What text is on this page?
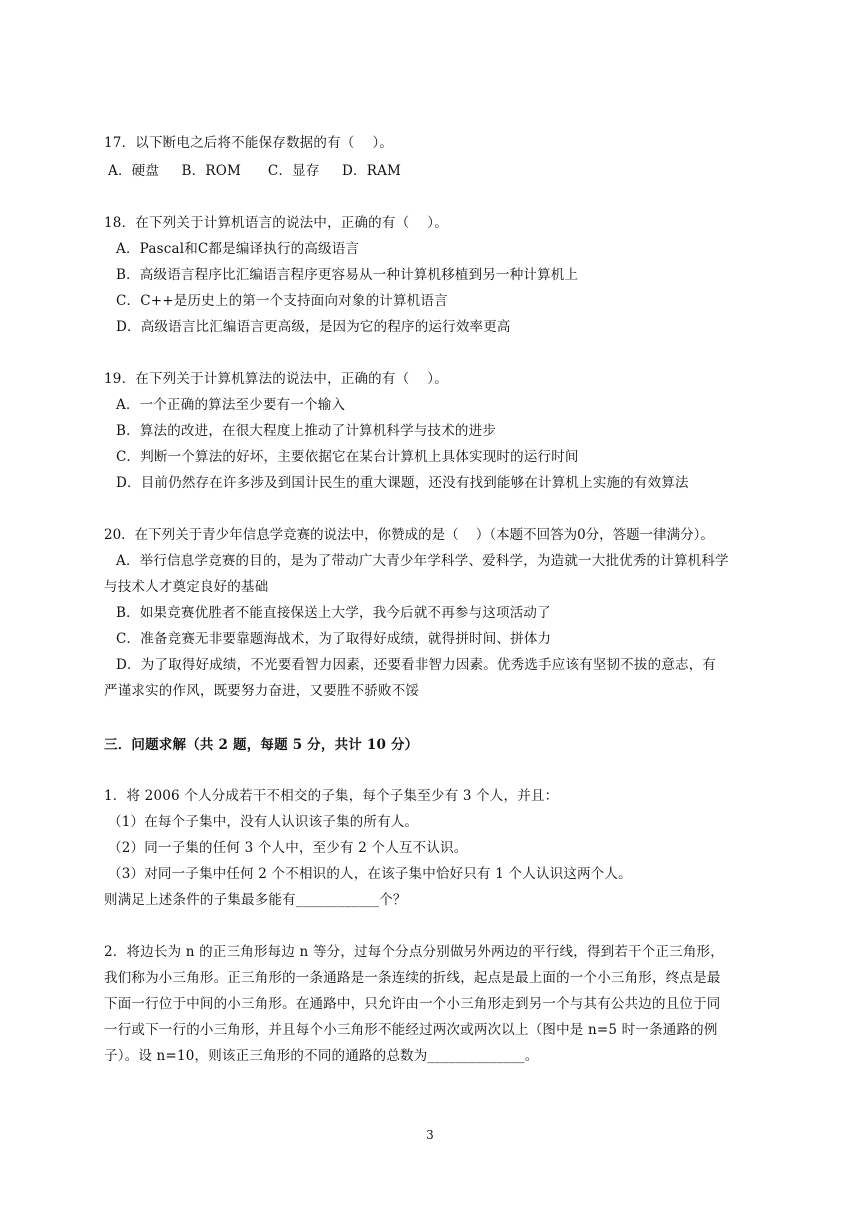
17．以下断电之后将不能保存数据的有（    ）。
A．硬盘     B．ROM      C．显存     D．RAM
18．在下列关于计算机语言的说法中，正确的有（    ）。
A．Pascal和C都是编译执行的高级语言
B．高级语言程序比汇编语言程序更容易从一种计算机移植到另一种计算机上
C．C++是历史上的第一个支持面向对象的计算机语言
D．高级语言比汇编语言更高级，是因为它的程序的运行效率更高
19．在下列关于计算机算法的说法中，正确的有（    ）。
A．一个正确的算法至少要有一个输入
B．算法的改进，在很大程度上推动了计算机科学与技术的进步
C．判断一个算法的好坏，主要依据它在某台计算机上具体实现时的运行时间
D．目前仍然存在许多涉及到国计民生的重大课题，还没有找到能够在计算机上实施的有效算法
20．在下列关于青少年信息学竞赛的说法中，你赞成的是（    ）（本题不回答为0分，答题一律满分）。
A．举行信息学竞赛的目的，是为了带动广大青少年学科学、爱科学，为造就一大批优秀的计算机科学
与技术人才奠定良好的基础
B．如果竞赛优胜者不能直接保送上大学，我今后就不再参与这项活动了
C．准备竞赛无非要靠题海战术，为了取得好成绩，就得拼时间、拼体力
D．为了取得好成绩，不光要看智力因素，还要看非智力因素。优秀选手应该有坚韧不拔的意志，有
严谨求实的作风，既要努力奋进，又要胜不骄败不馁
三．问题求解（共 2 题，每题 5 分，共计 10 分）
1．将 2006 个人分成若干不相交的子集，每个子集至少有 3 个人，并且：
（1）在每个子集中，没有人认识该子集的所有人。
（2）同一子集的任何 3 个人中，至少有 2 个人互不认识。
（3）对同一子集中任何 2 个不相识的人，在该子集中恰好只有 1 个人认识这两个人。
则满足上述条件的子集最多能有____________个？
2．将边长为 n 的正三角形每边 n 等分，过每个分点分别做另外两边的平行线，得到若干个正三角形，
我们称为小三角形。正三角形的一条通路是一条连续的折线，起点是最上面的一个小三角形，终点是最
下面一行位于中间的小三角形。在通路中，只允许由一个小三角形走到另一个与其有公共边的且位于同
一行或下一行的小三角形，并且每个小三角形不能经过两次或两次以上（图中是 n=5 时一条通路的例
子）。设 n=10，则该正三角形的不同的通路的总数为______________。
3
